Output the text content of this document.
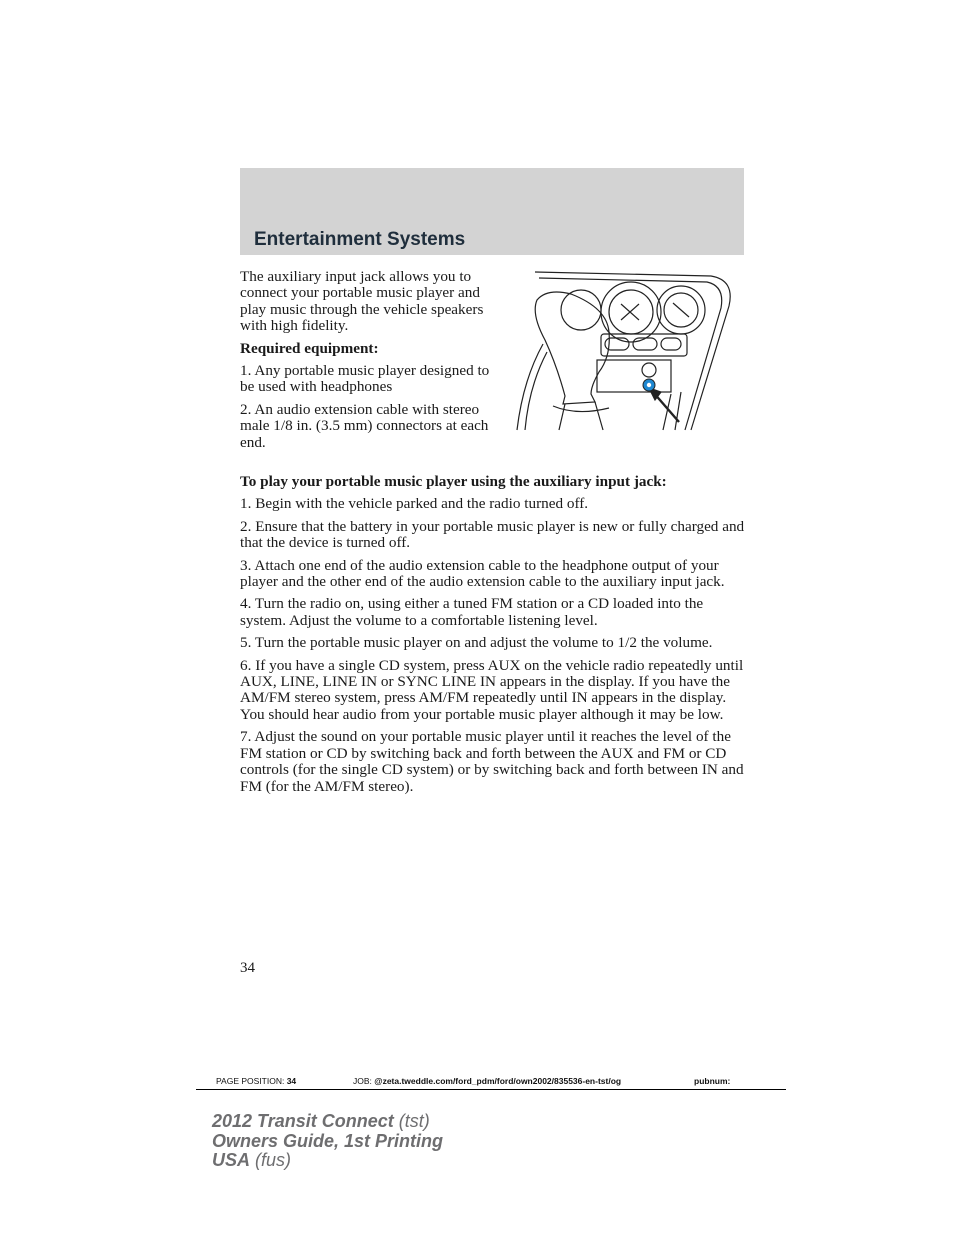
Entertainment Systems

The auxiliary input jack allows you to connect your portable music player and play music through the vehicle speakers with high fidelity.

Required equipment:

1. Any portable music player designed to be used with headphones

2. An audio extension cable with stereo male 1/8 in. (3.5 mm) connectors at each end.

To play your portable music player using the auxiliary input jack:

1. Begin with the vehicle parked and the radio turned off.

2. Ensure that the battery in your portable music player is new or fully charged and that the device is turned off.

3. Attach one end of the audio extension cable to the headphone output of your player and the other end of the audio extension cable to the auxiliary input jack.

4. Turn the radio on, using either a tuned FM station or a CD loaded into the system. Adjust the volume to a comfortable listening level.

5. Turn the portable music player on and adjust the volume to 1/2 the volume.

6. If you have a single CD system, press AUX on the vehicle radio repeatedly until AUX, LINE, LINE IN or SYNC LINE IN appears in the display. If you have the AM/FM stereo system, press AM/FM repeatedly until IN appears in the display.

You should hear audio from your portable music player although it may be low.

7. Adjust the sound on your portable music player until it reaches the level of the FM station or CD by switching back and forth between the AUX and FM or CD controls (for the single CD system) or by switching back and forth between IN and FM (for the AM/FM stereo).

34
PAGE POSITION: 34	JOB: @zeta.tweddle.com/ford_pdm/ford/own2002/835536-en-tst/og	pubnum:
2012 Transit Connect (tst)
Owners Guide, 1st Printing
USA (fus)
